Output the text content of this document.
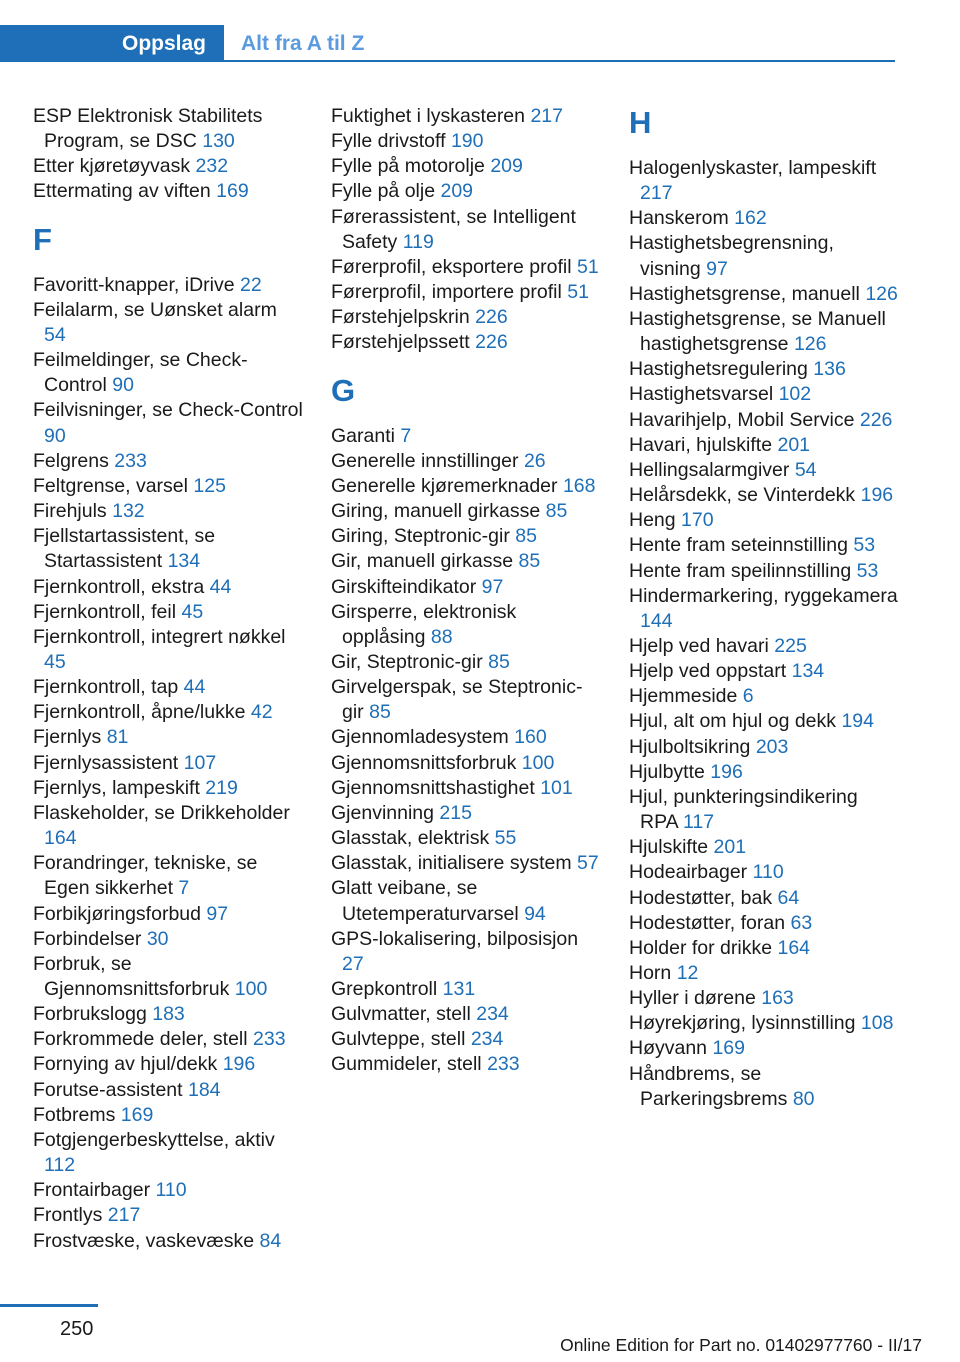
Oppslag Alt fra A til Z
ESP Elektronisk Stabilitets Program, se DSC 130
Etter kjøretøyvask 232
Ettermating av viften 169
F
Favoritt-knapper, iDrive 22
Feilalarm, se Uønsket alarm 54
Feilmeldinger, se Check-Control 90
Feilvisninger, se Check-Control 90
Felgrens 233
Feltgrense, varsel 125
Firehjuls 132
Fjellstartassistent, se Startassistent 134
Fjernkontroll, ekstra 44
Fjernkontroll, feil 45
Fjernkontroll, integrert nøkkel 45
Fjernkontroll, tap 44
Fjernkontroll, åpne/lukke 42
Fjernlys 81
Fjernlysassistent 107
Fjernlys, lampeskift 219
Flaskeholder, se Drikkeholder 164
Forandringer, tekniske, se Egen sikkerhet 7
Forbikjøringsforbud 97
Forbindelser 30
Forbruk, se Gjennomsnittsforbruk 100
Forbrukslogg 183
Forkrommede deler, stell 233
Fornying av hjul/dekk 196
Forutse-assistent 184
Fotbrems 169
Fotgjengerbeskyttelse, aktiv 112
Frontairbager 110
Frontlys 217
Frostvæske, vaskevæske 84
Fuktighet i lyskasteren 217
Fylle drivstoff 190
Fylle på motorolje 209
Fylle på olje 209
Førerassistent, se Intelligent Safety 119
Førerprofil, eksportere profil 51
Førerprofil, importere profil 51
Førstehjelpskrin 226
Førstehjelpssett 226
G
Garanti 7
Generelle innstillinger 26
Generelle kjøremerknader 168
Giring, manuell girkasse 85
Giring, Steptronic-gir 85
Gir, manuell girkasse 85
Girskifteindikator 97
Girsperre, elektronisk opplåsing 88
Gir, Steptronic-gir 85
Girvelgerspak, se Steptronic-gir 85
Gjennomladesystem 160
Gjennomsnittsforbruk 100
Gjennomsnittshastighet 101
Gjenvinning 215
Glasstak, elektrisk 55
Glasstak, initialisere system 57
Glatt veibane, se Utetemperaturvarsel 94
GPS-lokalisering, bilposisjon 27
Grepkontroll 131
Gulvmatter, stell 234
Gulvteppe, stell 234
Gummideler, stell 233
H
Halogenlyskaster, lampeskift 217
Hanskerom 162
Hastighetsbegrensning, visning 97
Hastighetsgrense, manuell 126
Hastighetsgrense, se Manuell hastighetsgrense 126
Hastighetsregulering 136
Hastighetsvarsel 102
Havarihjelp, Mobil Service 226
Havari, hjulskifte 201
Hellingsalarmgiver 54
Helårsdekk, se Vinterdekk 196
Heng 170
Hente fram seteinnstilling 53
Hente fram speilinnstilling 53
Hindermarkering, ryggekamera 144
Hjelp ved havari 225
Hjelp ved oppstart 134
Hjemmeside 6
Hjul, alt om hjul og dekk 194
Hjulboltsikring 203
Hjulbytte 196
Hjul, punkteringsindikering RPA 117
Hjulskifte 201
Hodeairbager 110
Hodestøtter, bak 64
Hodestøtter, foran 63
Holder for drikke 164
Horn 12
Hyller i dørene 163
Høyrekjøring, lysinnstilling 108
Høyvann 169
Håndbrems, se Parkeringsbrems 80
250
Online Edition for Part no. 01402977760 - II/17
